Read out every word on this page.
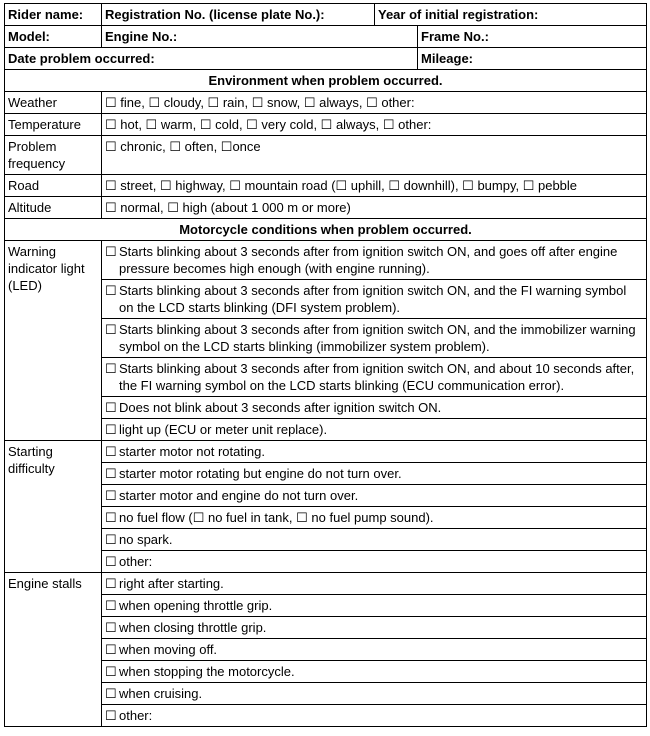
Rider name:	Registration No. (license plate No.):	Year of initial registration:	
Model:	Engine No.:		Frame No.:
Date problem occurred:			Mileage:
Environment when problem occurred.			
Weather	☐ fine, ☐ cloudy, ☐ rain, ☐ snow, ☐ always, ☐ other:		
Temperature	☐ hot, ☐ warm, ☐ cold, ☐ very cold, ☐ always, ☐ other:		
Problem
frequency	☐ chronic, ☐ often, ☐once		
Road	☐ street, ☐ highway, ☐ mountain road (☐ uphill, ☐ downhill), ☐ bumpy, ☐ pebble		
Altitude	☐ normal, ☐ high (about 1 000 m or more)		
Motorcycle conditions when problem occurred.			
Warning
indicator light
(LED)	☐ Starts blinking about 3 seconds after from ignition switch ON, and goes off after engine pressure becomes high enough (with engine running).		

	☐ Starts blinking about 3 seconds after from ignition switch ON, and the FI warning symbol on the LCD starts blinking (DFI system problem).		

	☐ Starts blinking about 3 seconds after from ignition switch ON, and the immobilizer warning symbol on the LCD starts blinking (immobilizer system problem).		

	☐ Starts blinking about 3 seconds after from ignition switch ON, and about 10 seconds after, the FI warning symbol on the LCD starts blinking (ECU communication error).		

	☐ Does not blink about 3 seconds after ignition switch ON.		

	☐ light up (ECU or meter unit replace).		

Starting
difficulty	☐ starter motor not rotating.		

	☐ starter motor rotating but engine do not turn over.		

	☐ starter motor and engine do not turn over.		

	☐ no fuel flow (☐ no fuel in tank, ☐ no fuel pump sound).		

	☐ no spark.		

	☐ other:		

Engine stalls	☐ right after starting.		

	☐ when opening throttle grip.		

	☐ when closing throttle grip.		

	☐ when moving off.		

	☐ when stopping the motorcycle.		

	☐ when cruising.		

	☐ other:		
